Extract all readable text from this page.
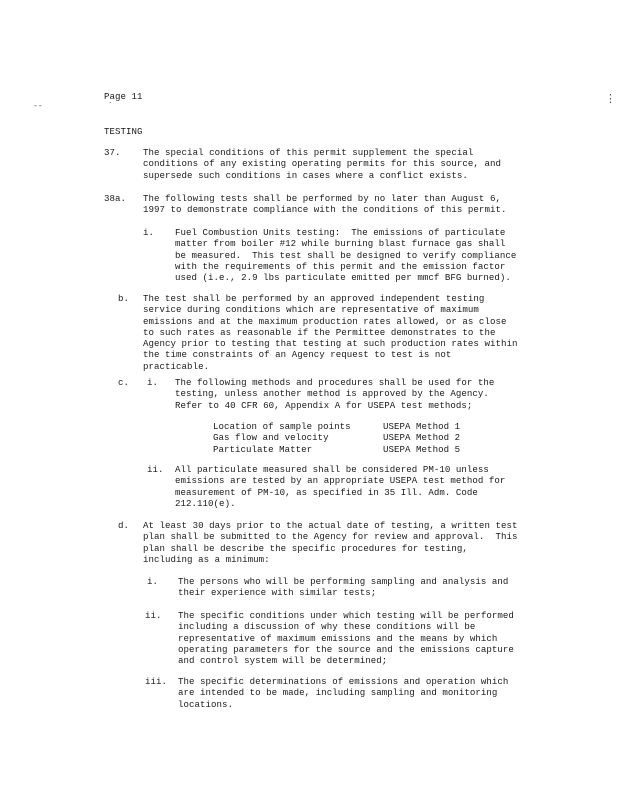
--
Page 11
`
⋮
TESTING
37. The special conditions of this permit supplement the special
conditions of any existing operating permits for this source, and
supersede such conditions in cases where a conflict exists.
38a. The following tests shall be performed by no later than August 6,
1997 to demonstrate compliance with the conditions of this permit.
i. Fuel Combustion Units testing:  The emissions of particulate
matter from boiler #12 while burning blast furnace gas shall
be measured.  This test shall be designed to verify compliance
with the requirements of this permit and the emission factor
used (i.e., 2.9 lbs particulate emitted per mmcf BFG burned).
b. The test shall be performed by an approved independent testing
service during conditions which are representative of maximum
emissions and at the maximum production rates allowed, or as close
to such rates as reasonable if the Permittee demonstrates to the
Agency prior to testing that testing at such production rates within
the time constraints of an Agency request to test is not
practicable.
c. i. The following methods and procedures shall be used for the
testing, unless another method is approved by the Agency.
Refer to 40 CFR 60, Appendix A for USEPA test methods;
Location of sample points	USEPA Method 1
Gas flow and velocity	USEPA Method 2
Particulate Matter	USEPA Method 5
ii. All particulate measured shall be considered PM-10 unless
emissions are tested by an appropriate USEPA test method for
measurement of PM-10, as specified in 35 Ill. Adm. Code
212.110(e).
d. At least 30 days prior to the actual date of testing, a written test
plan shall be submitted to the Agency for review and approval.  This
plan shall be describe the specific procedures for testing,
including as a minimum:
i. The persons who will be performing sampling and analysis and
their experience with similar tests;
ii. The specific conditions under which testing will be performed
including a discussion of why these conditions will be
representative of maximum emissions and the means by which
operating parameters for the source and the emissions capture
and control system will be determined;
iii. The specific determinations of emissions and operation which
are intended to be made, including sampling and monitoring
locations.
